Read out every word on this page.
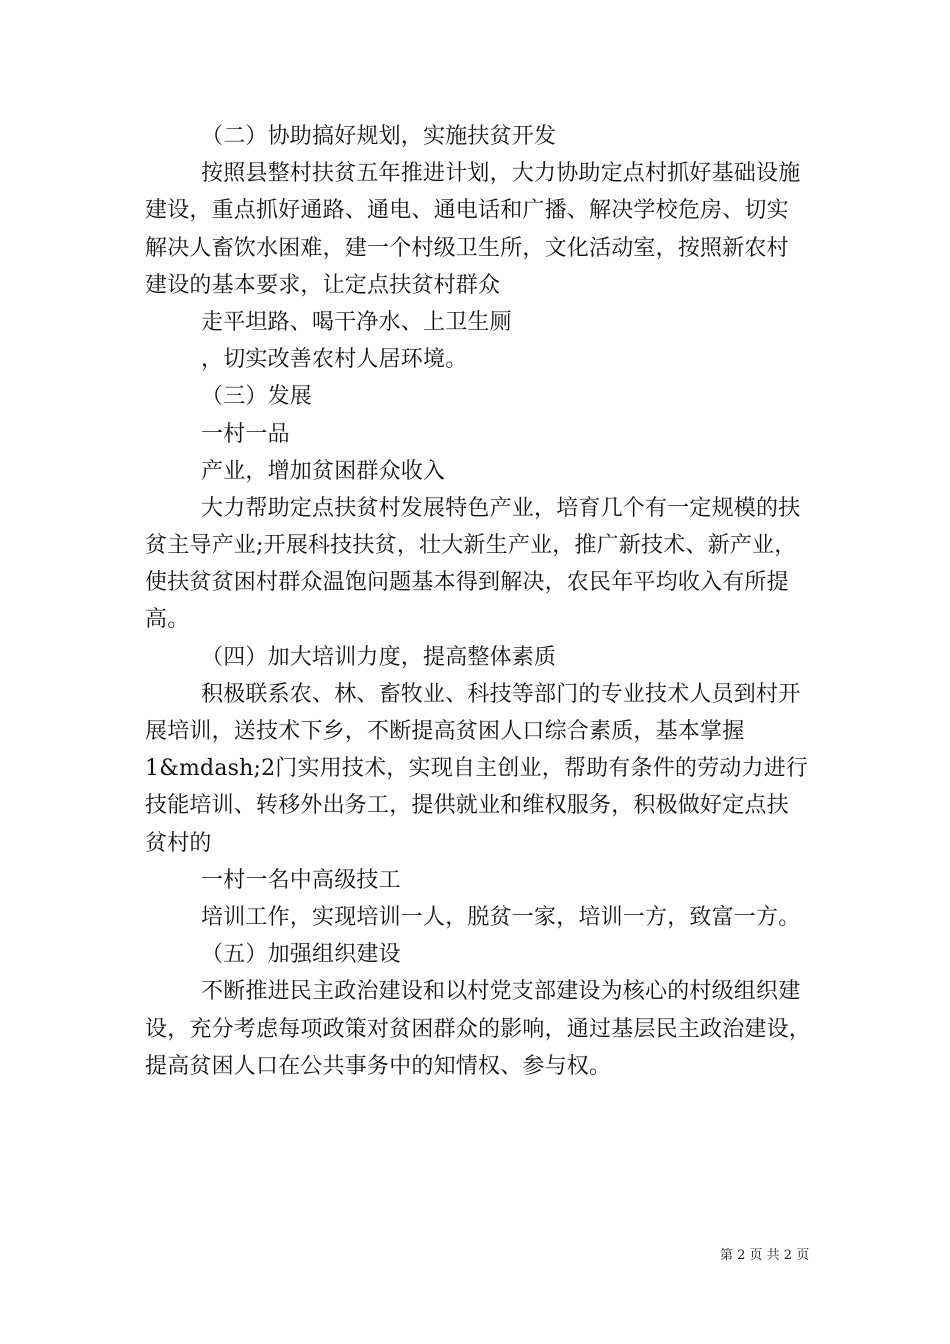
（二）协助搞好规划，实施扶贫开发
按照县整村扶贫五年推进计划，大力协助定点村抓好基础设施
建设，重点抓好通路、通电、通电话和广播、解决学校危房、切实
解决人畜饮水困难，建一个村级卫生所，文化活动室，按照新农村
建设的基本要求，让定点扶贫村群众
走平坦路、喝干净水、上卫生厕
，切实改善农村人居环境。
（三）发展
一村一品
产业，增加贫困群众收入
大力帮助定点扶贫村发展特色产业，培育几个有一定规模的扶
贫主导产业;开展科技扶贫，壮大新生产业，推广新技术、新产业，
使扶贫贫困村群众温饱问题基本得到解决，农民年平均收入有所提
高。
（四）加大培训力度，提高整体素质
积极联系农、林、畜牧业、科技等部门的专业技术人员到村开
展培训，送技术下乡，不断提高贫困人口综合素质，基本掌握
1&mdash;2门实用技术，实现自主创业，帮助有条件的劳动力进行
技能培训、转移外出务工，提供就业和维权服务，积极做好定点扶
贫村的
一村一名中高级技工
培训工作，实现培训一人，脱贫一家，培训一方，致富一方。
（五）加强组织建设
不断推进民主政治建设和以村党支部建设为核心的村级组织建
设，充分考虑每项政策对贫困群众的影响，通过基层民主政治建设，
提高贫困人口在公共事务中的知情权、参与权。
第 2 页 共 2 页
